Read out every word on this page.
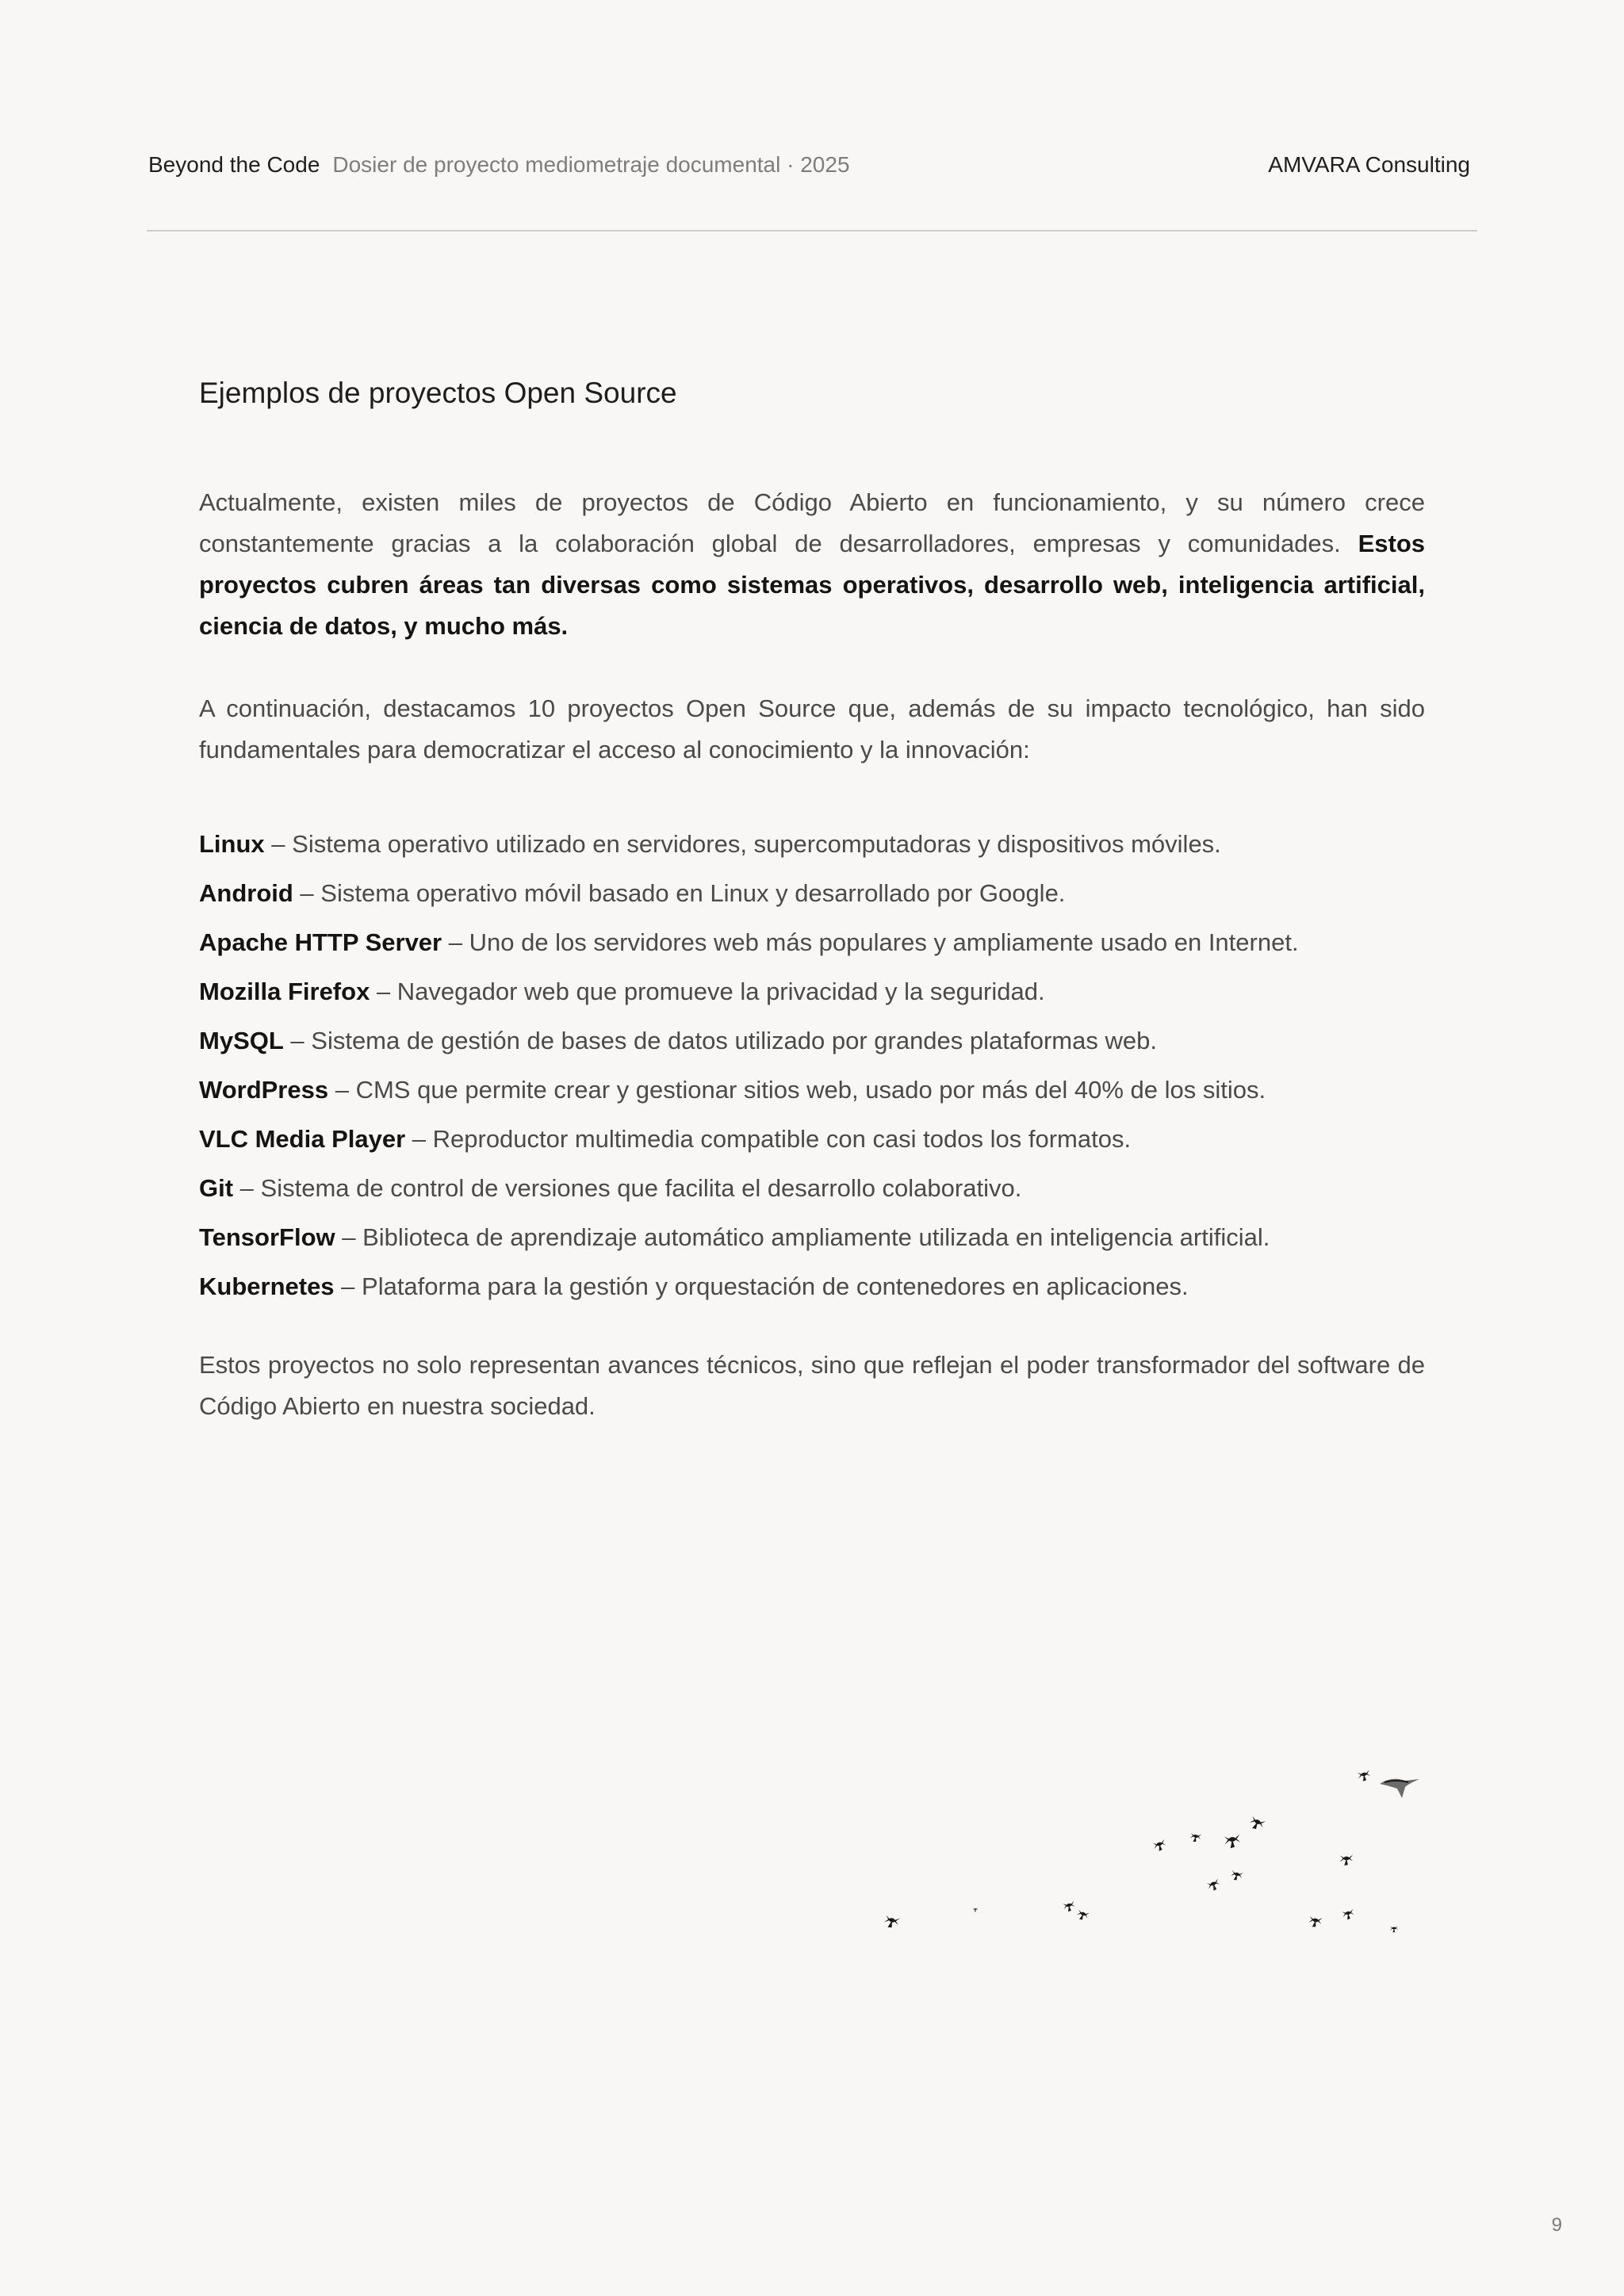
Beyond the Code Dosier de proyecto mediometraje documental · 2025	AMVARA Consulting
Ejemplos de proyectos Open Source

Actualmente, existen miles de proyectos de Código Abierto en funcionamiento, y su número crece constantemente gracias a la colaboración global de desarrolladores, empresas y comunidades. Estos proyectos cubren áreas tan diversas como sistemas operativos, desarrollo web, inteligencia artificial, ciencia de datos, y mucho más.

A continuación, destacamos 10 proyectos Open Source que, además de su impacto tecnológico, han sido fundamentales para democratizar el acceso al conocimiento y la innovación:

Linux – Sistema operativo utilizado en servidores, supercomputadoras y dispositivos móviles.
Android – Sistema operativo móvil basado en Linux y desarrollado por Google.
Apache HTTP Server – Uno de los servidores web más populares y ampliamente usado en Internet.
Mozilla Firefox – Navegador web que promueve la privacidad y la seguridad.
MySQL – Sistema de gestión de bases de datos utilizado por grandes plataformas web.
WordPress – CMS que permite crear y gestionar sitios web, usado por más del 40% de los sitios.
VLC Media Player – Reproductor multimedia compatible con casi todos los formatos.
Git – Sistema de control de versiones que facilita el desarrollo colaborativo.
TensorFlow – Biblioteca de aprendizaje automático ampliamente utilizada en inteligencia artificial.
Kubernetes – Plataforma para la gestión y orquestación de contenedores en aplicaciones.

Estos proyectos no solo representan avances técnicos, sino que reflejan el poder transformador del software de Código Abierto en nuestra sociedad.

9
